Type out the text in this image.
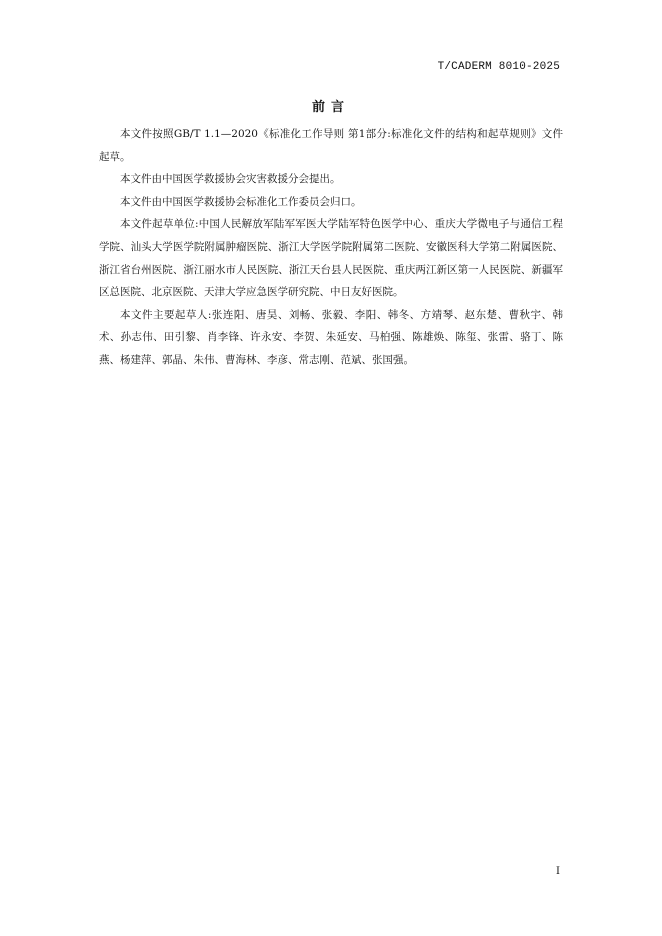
T/CADERM 8010-2025
前言

本文件按照GB/T 1.1—2020《标准化工作导则 第1部分:标准化文件的结构和起草规则》文件起草。

本文件由中国医学救援协会灾害救援分会提出。

本文件由中国医学救援协会标准化工作委员会归口。

本文件起草单位:中国人民解放军陆军军医大学陆军特色医学中心、重庆大学微电子与通信工程学院、汕头大学医学院附属肿瘤医院、浙江大学医学院附属第二医院、安徽医科大学第二附属医院、浙江省台州医院、浙江丽水市人民医院、浙江天台县人民医院、重庆两江新区第一人民医院、新疆军区总医院、北京医院、天津大学应急医学研究院、中日友好医院。

本文件主要起草人:张连阳、唐昊、刘畅、张毅、李阳、韩冬、方靖琴、赵东楚、曹秋宇、韩术、孙志伟、田引黎、肖李锋、许永安、李贺、朱延安、马柏强、陈雄焕、陈玺、张雷、骆丁、陈燕、杨建萍、郭晶、朱伟、曹海林、李彦、常志刚、范斌、张国强。

I
